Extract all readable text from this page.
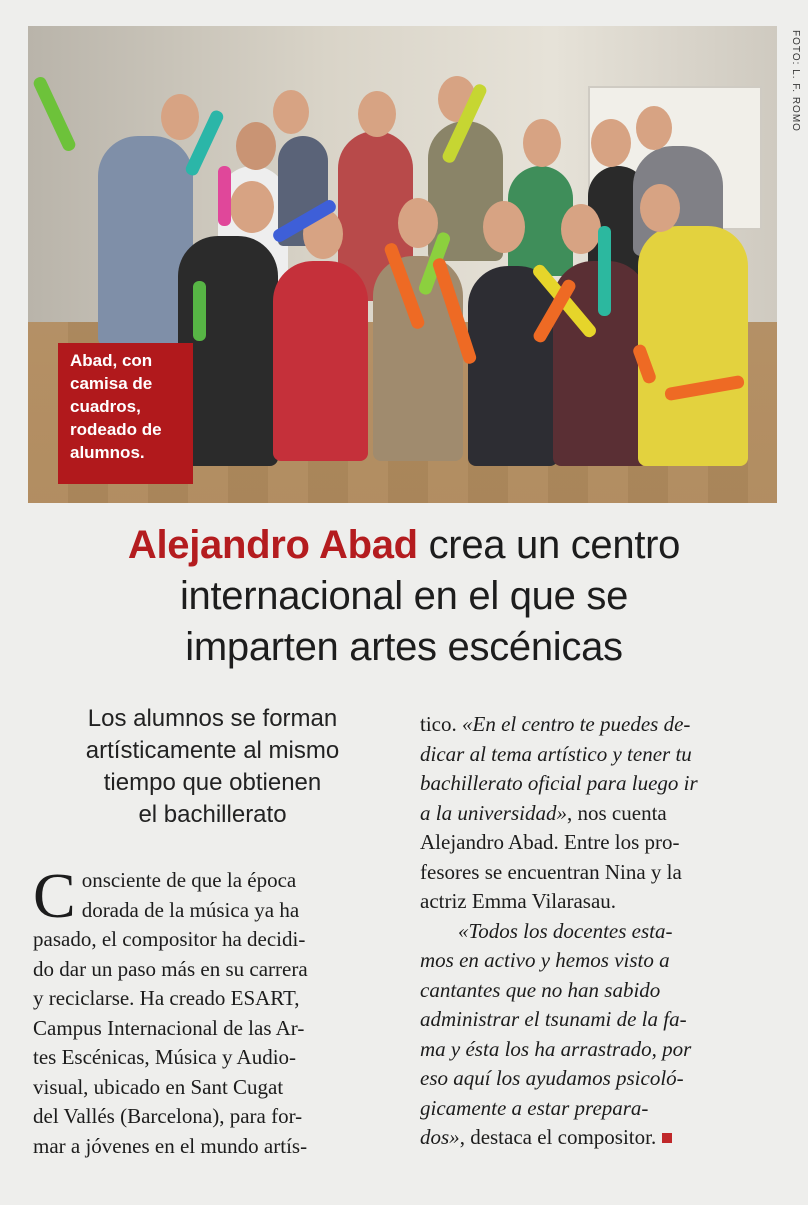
FOTO: L. F. ROMO
Abad, con
camisa de
cuadros,
rodeado de
alumnos.
Alejandro Abad crea un centro
internacional en el que se
imparten artes escénicas
Los alumnos se forman
artísticamente al mismo
tiempo que obtienen
el bachillerato
C onsciente de que la época
dorada de la música ya ha
pasado, el compositor ha decidi-
do dar un paso más en su carrera
y reciclarse. Ha creado ESART,
Campus Internacional de las Ar-
tes Escénicas, Música y Audio-
visual, ubicado en Sant Cugat
del Vallés (Barcelona), para for-
mar a jóvenes en el mundo artís-
tico. «En el centro te puedes de-
dicar al tema artístico y tener tu
bachillerato oficial para luego ir
a la universidad», nos cuenta
Alejandro Abad. Entre los pro-
fesores se encuentran Nina y la
actriz Emma Vilarasau.
«Todos los docentes esta-
mos en activo y hemos visto a
cantantes que no han sabido
administrar el tsunami de la fa-
ma y ésta los ha arrastrado, por
eso aquí los ayudamos psicoló-
gicamente a estar prepara-
dos», destaca el compositor.
